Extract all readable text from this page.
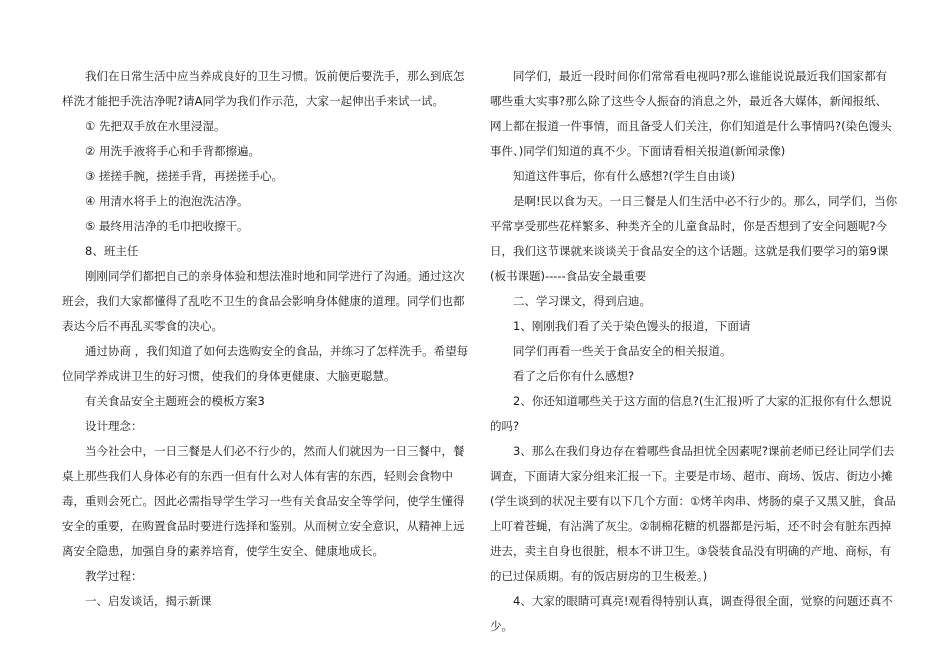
我们在日常生活中应当养成良好的卫生习惯。饭前便后要洗手，那么到底怎样洗才能把手洗洁净呢?请A同学为我们作示范，大家一起伸出手来试一试。

① 先把双手放在水里浸湿。

② 用洗手液将手心和手背都擦遍。

③ 搓搓手腕，搓搓手背，再搓搓手心。

④ 用清水将手上的泡泡洗洁净。

⑤ 最终用洁净的毛巾把收擦干。

8、班主任

刚刚同学们都把自己的亲身体验和想法准时地和同学进行了沟通。通过这次班会，我们大家都懂得了乱吃不卫生的食品会影响身体健康的道理。同学们也都表达今后不再乱买零食的决心。

通过协商 ，我们知道了如何去选购安全的食品，并练习了怎样洗手。希望每位同学养成讲卫生的好习惯，使我们的身体更健康、大脑更聪慧。

有关食品安全主题班会的模板方案3

设计理念：

当今社会中，一日三餐是人们必不行少的，然而人们就因为一日三餐中，餐桌上那些我们人身体必有的东西一但有什么对人体有害的东西，轻则会食物中毒，重则会死亡。因此必需指导学生学习一些有关食品安全等学问，使学生懂得安全的重要，在购置食品时要进行选择和鉴别。从而树立安全意识，从精神上远离安全隐患，加强自身的素养培育，使学生安全、健康地成长。

教学过程：

一、启发谈话，揭示新课

同学们，最近一段时间你们常常看电视吗?那么谁能说说最近我们国家都有哪些重大实事?那么除了这些令人振奋的消息之外，最近各大媒体，新闻报纸、网上都在报道一件事情，而且备受人们关注，你们知道是什么事情吗?(染色馒头事件、)同学们知道的真不少。下面请看相关报道(新闻录像)

知道这件事后，你有什么感想?(学生自由谈)

是啊!民以食为天。一日三餐是人们生活中必不行少的。那么，同学们，当你平常享受那些花样繁多、种类齐全的儿童食品时，你是否想到了安全问题呢?今日，我们这节课就来谈谈关于食品安全的这个话题。这就是我们要学习的第9课(板书课题)-----食品安全最重要

二、学习课文，得到启迪。

1、刚刚我们看了关于染色馒头的报道，下面请

同学们再看一些关于食品安全的相关报道。

看了之后你有什么感想?

2、你还知道哪些关于这方面的信息?(生汇报)听了大家的汇报你有什么想说的吗?

3、那么在我们身边存在着哪些食品担忧全因素呢?课前老师已经让同学们去调查，下面请大家分组来汇报一下。主要是市场、超市、商场、饭店、街边小摊(学生谈到的状况主要有以下几个方面：①烤羊肉串、烤肠的桌子又黑又脏，食品上叮着苍蝇，有沾满了灰尘。②制棉花糖的机器都是污垢，还不时会有脏东西掉进去，卖主自身也很脏，根本不讲卫生。③袋装食品没有明确的产地、商标，有的已过保质期。有的饭店厨房的卫生极差。)

4、大家的眼睛可真亮!观看得特别认真，调查得很全面，觉察的问题还真不少。
